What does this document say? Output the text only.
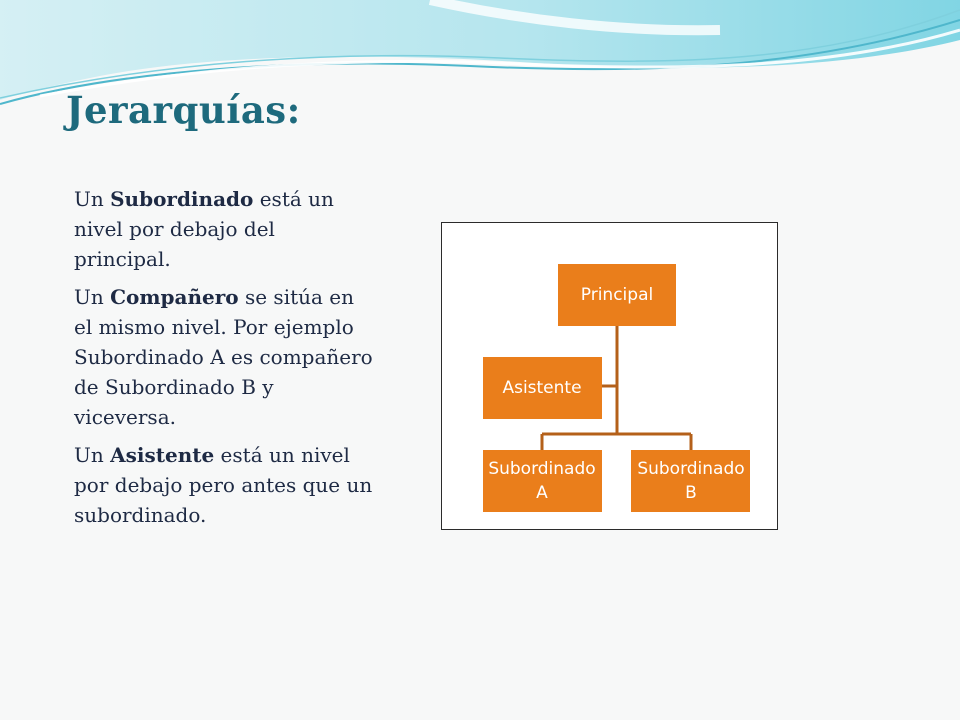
Jerarquías:

Un Subordinado está un nivel por debajo del principal.

Un Compañero se sitúa en el mismo nivel. Por ejemplo Subordinado A es compañero de Subordinado B y viceversa.

Un Asistente está un nivel por debajo pero antes que un subordinado.

Principal
Asistente
Subordinado
A
Subordinado
B
